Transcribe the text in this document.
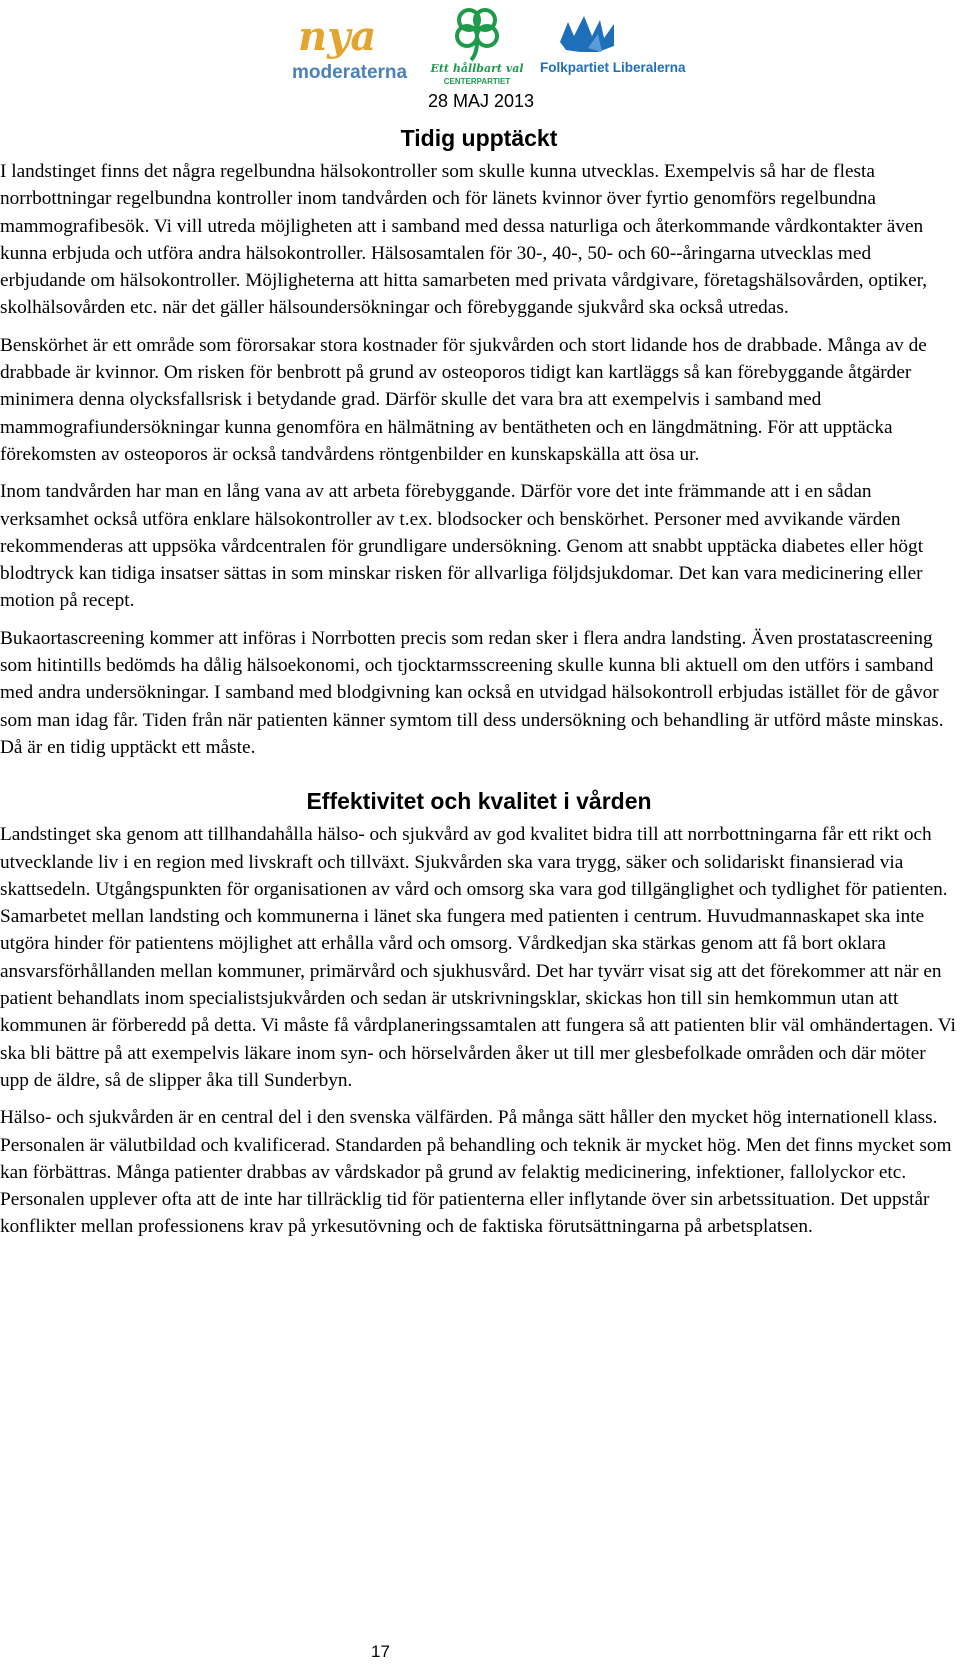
nya
moderaterna Ett hållbart val
CENTERPARTIET
Folkpartiet Liberalerna
28 MAJ 2013
Tidig upptäckt

I landstinget finns det några regelbundna hälsokontroller som skulle kunna utvecklas. Exempelvis så har de flesta norrbottningar regelbundna kontroller inom tandvården och för länets kvinnor över fyrtio genomförs regelbundna mammografibesök. Vi vill utreda möjligheten att i samband med dessa naturliga och återkommande vårdkontakter även kunna erbjuda och utföra andra hälsokontroller. Hälsosamtalen för 30-, 40-, 50- och 60--åringarna utvecklas med erbjudande om hälsokontroller. Möjligheterna att hitta samarbeten med privata vårdgivare, företagshälsovården, optiker, skolhälsovården etc. när det gäller hälsoundersökningar och förebyggande sjukvård ska också utredas.

Benskörhet är ett område som förorsakar stora kostnader för sjukvården och stort lidande hos de drabbade. Många av de drabbade är kvinnor. Om risken för benbrott på grund av osteoporos tidigt kan kartläggs så kan förebyggande åtgärder minimera denna olycksfallsrisk i betydande grad. Därför skulle det vara bra att exempelvis i samband med mammografiundersökningar kunna genomföra en hälmätning av bentätheten och en längdmätning. För att upptäcka förekomsten av osteoporos är också tandvårdens röntgenbilder en kunskapskälla att ösa ur.

Inom tandvården har man en lång vana av att arbeta förebyggande. Därför vore det inte främmande att i en sådan verksamhet också utföra enklare hälsokontroller av t.ex. blodsocker och benskörhet. Personer med avvikande värden rekommenderas att uppsöka vårdcentralen för grundligare undersökning. Genom att snabbt upptäcka diabetes eller högt blodtryck kan tidiga insatser sättas in som minskar risken för allvarliga följdsjukdomar. Det kan vara medicinering eller motion på recept.

Bukaortascreening kommer att införas i Norrbotten precis som redan sker i flera andra landsting. Även prostatascreening som hitintills bedömds ha dålig hälsoekonomi, och tjocktarmsscreening skulle kunna bli aktuell om den utförs i samband med andra undersökningar. I samband med blodgivning kan också en utvidgad hälsokontroll erbjudas istället för de gåvor som man idag får. Tiden från när patienten känner symtom till dess undersökning och behandling är utförd måste minskas. Då är en tidig upptäckt ett måste.

Effektivitet och kvalitet i vården

Landstinget ska genom att tillhandahålla hälso- och sjukvård av god kvalitet bidra till att norrbottningarna får ett rikt och utvecklande liv i en region med livskraft och tillväxt. Sjukvården ska vara trygg, säker och solidariskt finansierad via skattsedeln. Utgångspunkten för organisationen av vård och omsorg ska vara god tillgänglighet och tydlighet för patienten. Samarbetet mellan landsting och kommunerna i länet ska fungera med patienten i centrum. Huvudmannaskapet ska inte utgöra hinder för patientens möjlighet att erhålla vård och omsorg. Vårdkedjan ska stärkas genom att få bort oklara ansvarsförhållanden mellan kommuner, primärvård och sjukhusvård. Det har tyvärr visat sig att det förekommer att när en patient behandlats inom specialistsjukvården och sedan är utskrivningsklar, skickas hon till sin hemkommun utan att kommunen är förberedd på detta. Vi måste få vårdplaneringssamtalen att fungera så att patienten blir väl omhändertagen. Vi ska bli bättre på att exempelvis läkare inom syn- och hörselvården åker ut till mer glesbefolkade områden och där möter upp de äldre, så de slipper åka till Sunderbyn.

Hälso- och sjukvården är en central del i den svenska välfärden. På många sätt håller den mycket hög internationell klass. Personalen är välutbildad och kvalificerad. Standarden på behandling och teknik är mycket hög. Men det finns mycket som kan förbättras. Många patienter drabbas av vårdskador på grund av felaktig medicinering, infektioner, fallolyckor etc. Personalen upplever ofta att de inte har tillräcklig tid för patienterna eller inflytande över sin arbetssituation. Det uppstår konflikter mellan professionens krav på yrkesutövning och de faktiska förutsättningarna på arbetsplatsen.

17
